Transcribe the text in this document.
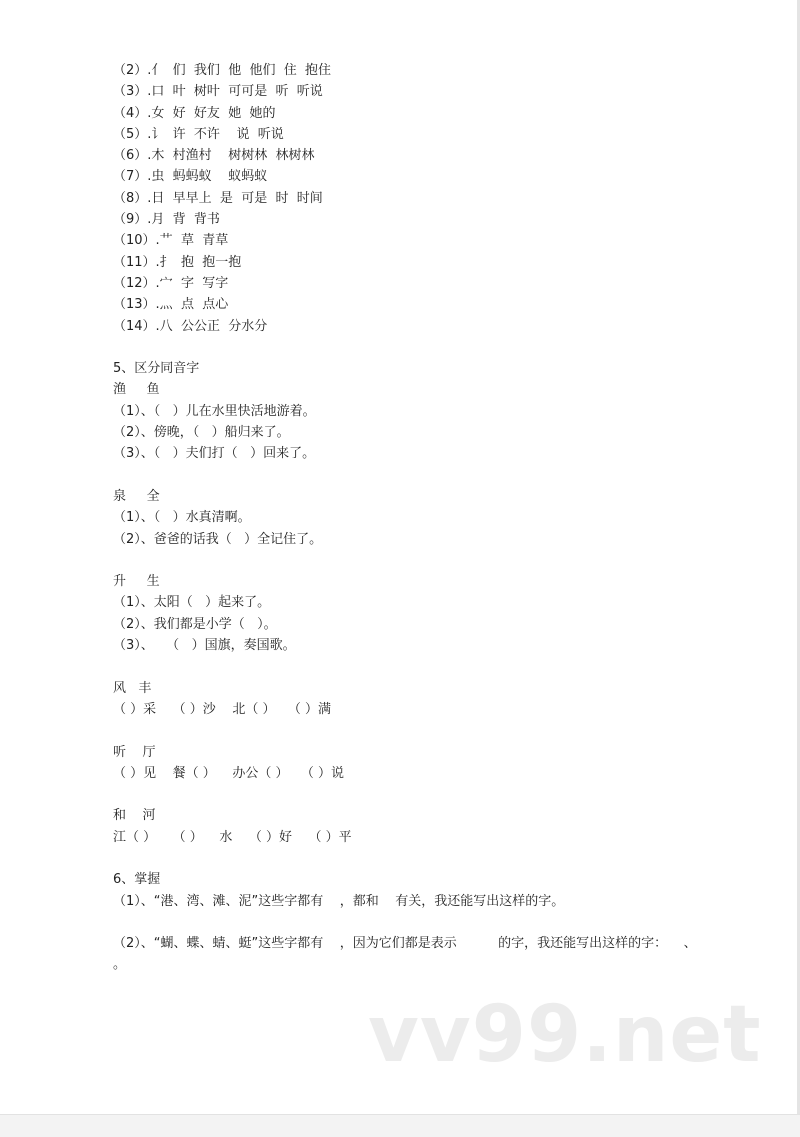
（2）.亻  们  我们  他  他们  住  抱住
（3）.口  叶  树叶  可可是  听  听说
（4）.女  好  好友  她  她的
（5）.讠  许  不许    说  听说
（6）.木  村渔村    树树林  林树林
（7）.虫  蚂蚂蚁    蚁蚂蚁
（8）.日  早早上  是  可是  时  时间
（9）.月  背  背书
（10）.艹  草  青草
（11）.扌  抱  抱一抱
（12）.宀  字  写字
（13）.灬  点  点心
（14）.八  公公正  分水分
5、区分同音字
渔     鱼
（1）、（   ）儿在水里快活地游着。
（2）、傍晚，（   ）船归来了。
（3）、（   ）夫们打（   ）回来了。
泉     全
（1）、（   ）水真清啊。
（2）、爸爸的话我（   ）全记住了。
升     生
（1）、太阳（   ）起来了。
（2）、我们都是小学（   ）。
（3）、   （   ）国旗，奏国歌。
风   丰
（ ）采    （ ）沙    北（ ）   （ ）满
听    厅
（ ）见    餐（ ）    办公（ ）   （ ）说
和    河
江（ ）    （ ）    水    （ ）好    （ ）平
6、掌握
（1）、“港、湾、滩、泥”这些字都有    ，都和    有关，我还能写出这样的字。
（2）、“蝴、蝶、蜻、蜓”这些字都有    ，因为它们都是表示          的字，我还能写出这样的字：    、    。
vv99.net
